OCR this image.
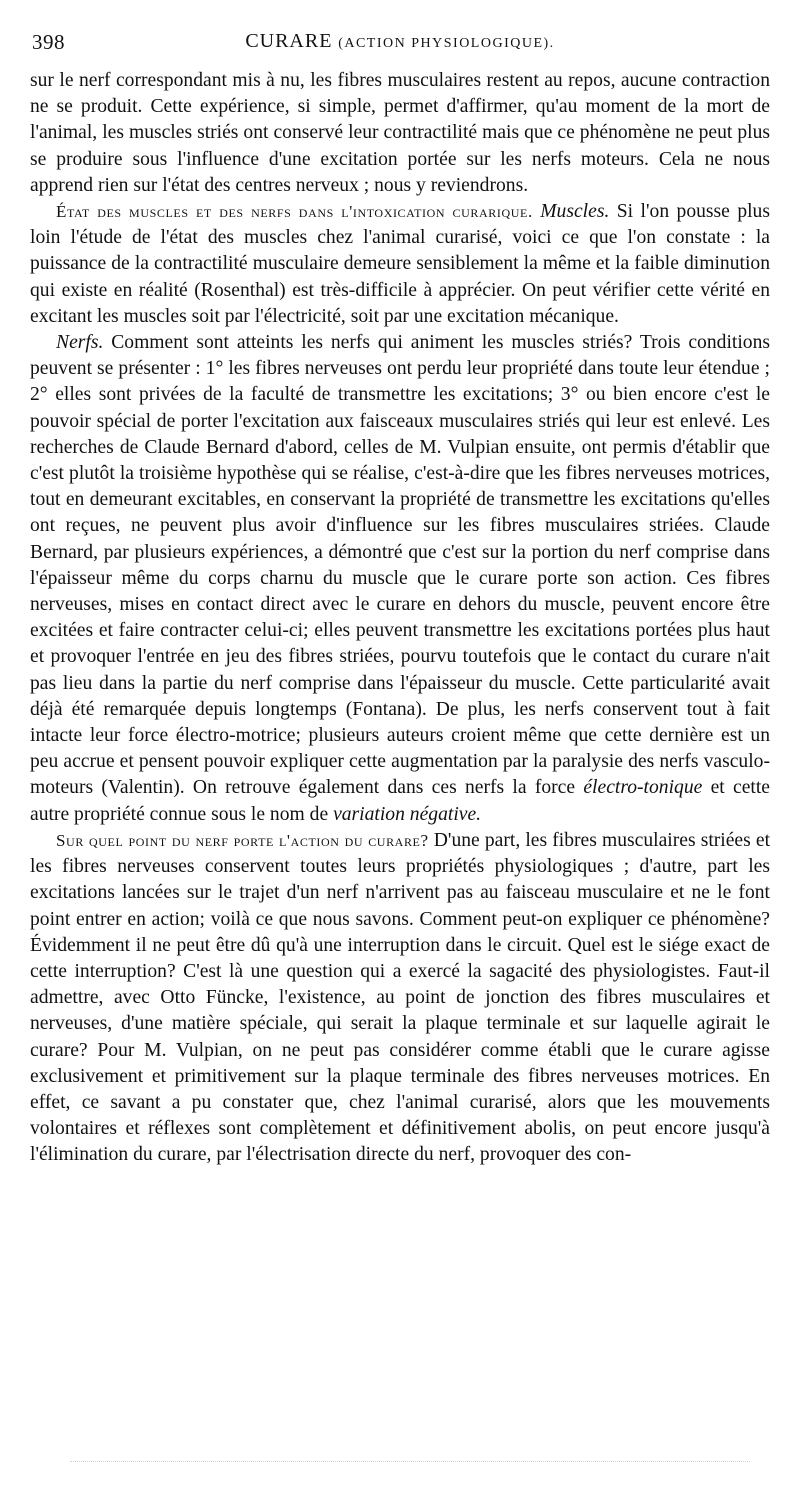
398	CURARE (ACTION PHYSIOLOGIQUE).

sur le nerf correspondant mis à nu, les fibres musculaires restent au repos, aucune contraction ne se produit. Cette expérience, si simple, permet d'affirmer, qu'au moment de la mort de l'animal, les muscles striés ont conservé leur contractilité mais que ce phénomène ne peut plus se produire sous l'influence d'une excitation portée sur les nerfs moteurs. Cela ne nous apprend rien sur l'état des centres nerveux ; nous y reviendrons.

État des muscles et des nerfs dans l'intoxication curarique. Muscles. Si l'on pousse plus loin l'étude de l'état des muscles chez l'animal curarisé, voici ce que l'on constate : la puissance de la contractilité musculaire demeure sensiblement la même et la faible diminution qui existe en réalité (Rosenthal) est très-difficile à apprécier. On peut vérifier cette vérité en excitant les muscles soit par l'électricité, soit par une excitation mécanique.

Nerfs. Comment sont atteints les nerfs qui animent les muscles striés? Trois conditions peuvent se présenter : 1° les fibres nerveuses ont perdu leur propriété dans toute leur étendue ; 2° elles sont privées de la faculté de transmettre les excitations; 3° ou bien encore c'est le pouvoir spécial de porter l'excitation aux faisceaux musculaires striés qui leur est enlevé. Les recherches de Claude Bernard d'abord, celles de M. Vulpian ensuite, ont permis d'établir que c'est plutôt la troisième hypothèse qui se réalise, c'est-à-dire que les fibres nerveuses motrices, tout en demeurant excitables, en conservant la propriété de transmettre les excitations qu'elles ont reçues, ne peuvent plus avoir d'influence sur les fibres musculaires striées. Claude Bernard, par plusieurs expériences, a démontré que c'est sur la portion du nerf comprise dans l'épaisseur même du corps charnu du muscle que le curare porte son action. Ces fibres nerveuses, mises en contact direct avec le curare en dehors du muscle, peuvent encore être excitées et faire contracter celui-ci; elles peuvent transmettre les excitations portées plus haut et provoquer l'entrée en jeu des fibres striées, pourvu toutefois que le contact du curare n'ait pas lieu dans la partie du nerf comprise dans l'épaisseur du muscle. Cette particularité avait déjà été remarquée depuis longtemps (Fontana). De plus, les nerfs conservent tout à fait intacte leur force électro-motrice; plusieurs auteurs croient même que cette dernière est un peu accrue et pensent pouvoir expliquer cette augmentation par la paralysie des nerfs vasculo-moteurs (Valentin). On retrouve également dans ces nerfs la force électro-tonique et cette autre propriété connue sous le nom de variation négative.

Sur quel point du nerf porte l'action du curare? D'une part, les fibres musculaires striées et les fibres nerveuses conservent toutes leurs propriétés physiologiques ; d'autre, part les excitations lancées sur le trajet d'un nerf n'arrivent pas au faisceau musculaire et ne le font point entrer en action; voilà ce que nous savons. Comment peut-on expliquer ce phénomène? Évidemment il ne peut être dû qu'à une interruption dans le circuit. Quel est le siége exact de cette interruption? C'est là une question qui a exercé la sagacité des physiologistes. Faut-il admettre, avec Otto Füncke, l'existence, au point de jonction des fibres musculaires et nerveuses, d'une matière spéciale, qui serait la plaque terminale et sur laquelle agirait le curare? Pour M. Vulpian, on ne peut pas considérer comme établi que le curare agisse exclusivement et primitivement sur la plaque terminale des fibres nerveuses motrices. En effet, ce savant a pu constater que, chez l'animal curarisé, alors que les mouvements volontaires et réflexes sont complètement et définitivement abolis, on peut encore jusqu'à l'élimination du curare, par l'électrisation directe du nerf, provoquer des con-
